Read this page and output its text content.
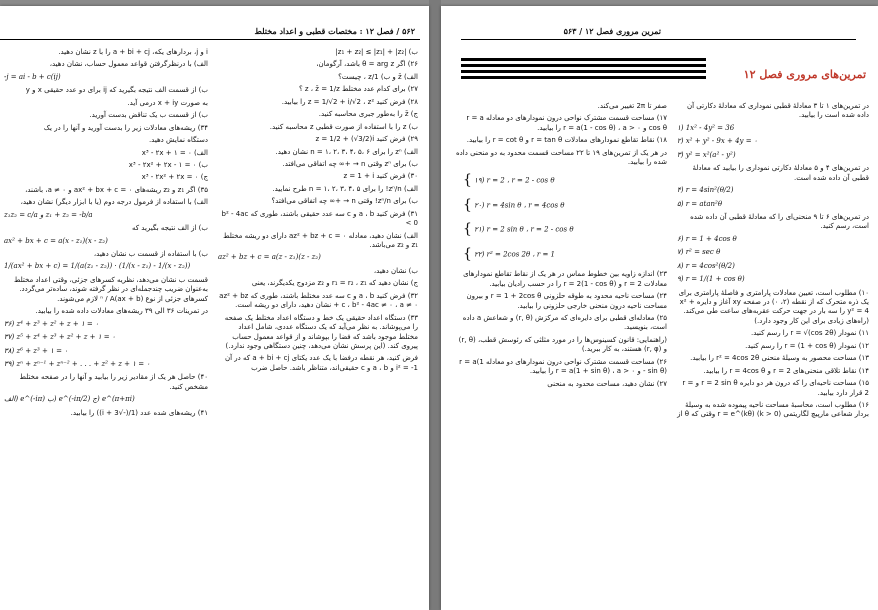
۵۶۲ / فصل ۱۲ : مختصات قطبی و اعداد مختلط

ب) |z₁ + z₂| ≤ |z₁| + |z₂|

۲۶) اگر θ = arg z باشد، آرگومان،

الف) z̄ و ب) z/1 ، چیست؟

۲۷) برای کدام عدد مختلط z ، z̄ = 1/z ؟

۲۸) فرض کنید z = 1/√2 + i/√2 ، z² را بیابید.

ج) z̄ را به‌طور جبری محاسبه کنید.

ب) z را با استفاده از صورت قطبی z محاسبه کنید.

۲۹) فرض کنید z = 1/2 + (√3/2)i

الف) zⁿ را برای n = ۱، ۲، ۳، ۴، ۵، ۶ نشان دهید.

ب) برای zⁿ وقتی n → +∞ چه اتفاقی می‌افتد.

۳۰) فرض کنید z = 1 + i

الف) zⁿ/n! را برای n = ۱، ۲، ۳، ۴، ۵ طرح نمایید.

ب) برای zⁿ/n! وقتی n → +∞ چه اتفاقی می‌افتد؟

۳۱) فرض کنید a ، b و c سه عدد حقیقی باشند، طوری که b² - 4ac < 0

الف) نشان دهید، معادله az² + bz + c = ۰ دارای دو ریشه مختلط z₁ و z₂ می‌باشد.

az² + bz + c = a(z - z₁)(z - z₂)

ب) نشان دهید،

ج) نشان دهید که r₁ = r₂ ، z₁ و z₂ مزدوج یکدیگرند، یعنی

۳۲) فرض کنید a ، b و c سه عدد مختلط باشند، طوری که az² + bz + c ، b² - 4ac ≠ ۰ ، a ≠ ۰ نشان دهید، دارای دو ریشه است.

۳۳) دستگاه اعداد حقیقی یک خط و دستگاه اعداد مختلط یک صفحه را می‌پوشاند. به نظر می‌آید که یک دستگاه عددی، شامل اعداد مختلط موجود باشد که فضا را بپوشاند و از قواعد معمول حساب پیروی کند. (این پرسش نشان می‌دهد، چنین دستگاهی وجود ندارد.)

فرض کنید، هر نقطه درفضا با یک عدد یکتای a + bi + cj که در آن i² = -1 و a ، b و c حقیقی‌اند، متناظر باشد. حاصل ضرب

i و j، بردارهای یکه، a + bi + cj را با z نشان دهید.

الف) با درنظرگرفتن قواعد معمول حساب، نشان دهید،

-j = ai - b + c(ij)

ب) از قسمت الف نتیجه بگیرید که ij برای دو عدد حقیقی x و y

به صورت x + iy درمی آید.

ب) از قسمت ب یک تناقض بدست آورید.

۳۴) ریشه‌های معادلات زیر را بدست آورید و آنها را در یک

دستگاه نمایش دهید.

الف) x³ - ۲x + ۱ = ۰

ب) x³ - ۲x² + ۲x - ۱ = ۰

ج) x³ - ۲x² + ۲x = ۰

۳۵) اگر z₁ و z₂ ریشه‌های ۰ = ax² + bx + c و ۰ ≠ a، باشند،

الف) با استفاده از فرمول درجه دوم (یا با ابزار دیگر) نشان دهید،

z₁z₂ = c/a و z₁ + z₂ = -b/a

ب) از الف نتیجه بگیرید که

ax² + bx + c = a(x - z₁)(x - z₂)

ب) با استفاده از قسمت ب نشان دهید،

1/(ax² + bx + c) = 1/(a(z₁ - z₂)) · (1/(x - z₁) - 1/(x - z₂))

قسمت ب نشان می‌دهد، نظریه کسرهای جزئی، وقتی اعداد مختلط به‌عنوان ضریب چندجمله‌ای در نظر گرفته شوند، ساده‌تر می‌گردد. کسرهای جزئی از نوع (ax + b)ⁿ / A لازم می‌شوند.

در تمرینات ۳۶ الی ۳۹ ریشه‌های معادلات داده شده را بیابید.

۳۶) z⁴ + z³ + z² + z + ۱ = ۰
۳۷) z⁵ + z⁴ + z³ + z² + z + ۱ = ۰
۳۸) z⁶ + z³ + ۱ = ۰
۳۹) zⁿ + zⁿ⁻¹ + zⁿ⁻² + . . . + z² + z + ۱ = ۰

۴۰) حاصل هر یک از مقادیر زیر را بیابید و آنها را در صفحه مختلط مشخص کنید.

الف) e^(-iπ) ب) e^(-iπ/2) ج) e^(π+πi)

۴۱) ریشه‌های شده عدد (1/(-√3 + i)) را بیابید.

تمرین مروری فصل ۱۲ / ۵۶۳
تمرین‌های مروری فصل ۱۲

در تمرین‌های ۱ تا ۳ معادلهٔ قطبی نموداری که معادلهٔ دکارتی آن داده شده است را بیابید.

۱) 1x² - 4y² = 36
۲) x² + y² - 9x + 4y = ۰
۳) y² = x²(a² - y²)

در تمرین‌های ۴ و ۵ معادلهٔ دکارتی نموداری را بیابید که معادلهٔ قطبی آن داده شده است.

۴) r = 4sin²(θ/2)
۵) r = atan²θ

در تمرین‌های ۶ تا ۹ منحنی‌ای را که معادلهٔ قطبی آن داده شده است، رسم کنید.

۶) r = 1 + 4cos θ
۷) r² = sec θ
۸) r = 4cos²(θ/2)
۹) r = 1/(1 + cos θ)

۱۰) مطلوب است، تعیین معادلات پارامتری و فاصلهٔ پارامتری برای یک ذره متحرک که از نقطه (۲، ۰) در صفحه xy آغاز و دایره x² + y² = 4 را سه بار در جهت حرکت عقربه‌های ساعت طی می‌کند. (راه‌های زیادی برای این کار وجود دارد.)

۱۱) نمودار r = √(cos 2θ) را رسم کنید.

۱۲) نمودار r = (1 + cos θ) را رسم کنید.

۱۳) مساحت محصور به وسیلهٔ منحنی r² = 4cos 2θ را بیابید.

۱۴) نقاط تلاقی منحنی‌های r = 2 و r = 4cos θ را بیابید.

۱۵) مساحت ناحیه‌ای را که درون هر دو دایره r = 2 sin θ و r = 2 قرار دارد بیابید.

۱۶) مطلوب است، محاسبهٔ مساحت ناحیه پیموده شده به وسیلهٔ بردار شعاعی مارپیچ لگاریتمی r = e^(kθ) (k > 0) وقتی که θ از

صفر تا 2π تغییر می‌کند.

۱۷) مساحت قسمت مشترک نواحی درون نمودارهای دو معادله r = a cos θ و r = a(1 - cos θ) ، a > ۰ را بیابید.

۱۸) نقاط تقاطع نمودارهای معادلات r = tan θ و r = cot θ را بیابید.

در هر یک از تمرین‌های ۱۹ تا ۲۲ مساحت قسمت محدود به دو منحنی داده شده را بیابید.

{ ۱۹) r = 2 ، r = 2 - cos θ
{ ۲۰) r = 4sin θ ، r = 4cos θ
{ ۲۱) r = 2 sin θ ، r = 2 - cos θ
{ ۲۲) r² = 2cos 2θ ، r = 1

۲۳) اندازه زاویه بین خطوط مماس در هر یک از نقاط تقاطع نمودارهای معادلات r = 2 و r = 2(1 - cos θ) را در حسب رادیان بیابید.

۲۴) مساحت ناحیه محدود به طوقه حلزونی r = 1 + 2cos θ و بیرون مساحت ناحیه درون منحنی خارجی حلزونی را بیابید.

۲۵) معادله‌ای قطبی برای دایره‌ای که مرکزش (r, θ) و شعاعش a داده است، بنویسید.

(راهنمایی: قانون کسینوس‌ها را در مورد مثلثی که رئوسش قطب، (r, θ) و (r, φ) هستند، به کار ببرید.)

۲۶) مساحت قسمت مشترک نواحی درون نمودارهای دو معادله r = a(1 - sin θ) و r = a(1 + sin θ) ، a > ۰ را بیابید.

۲۷) نشان دهید، مساحت محدود به منحنی
